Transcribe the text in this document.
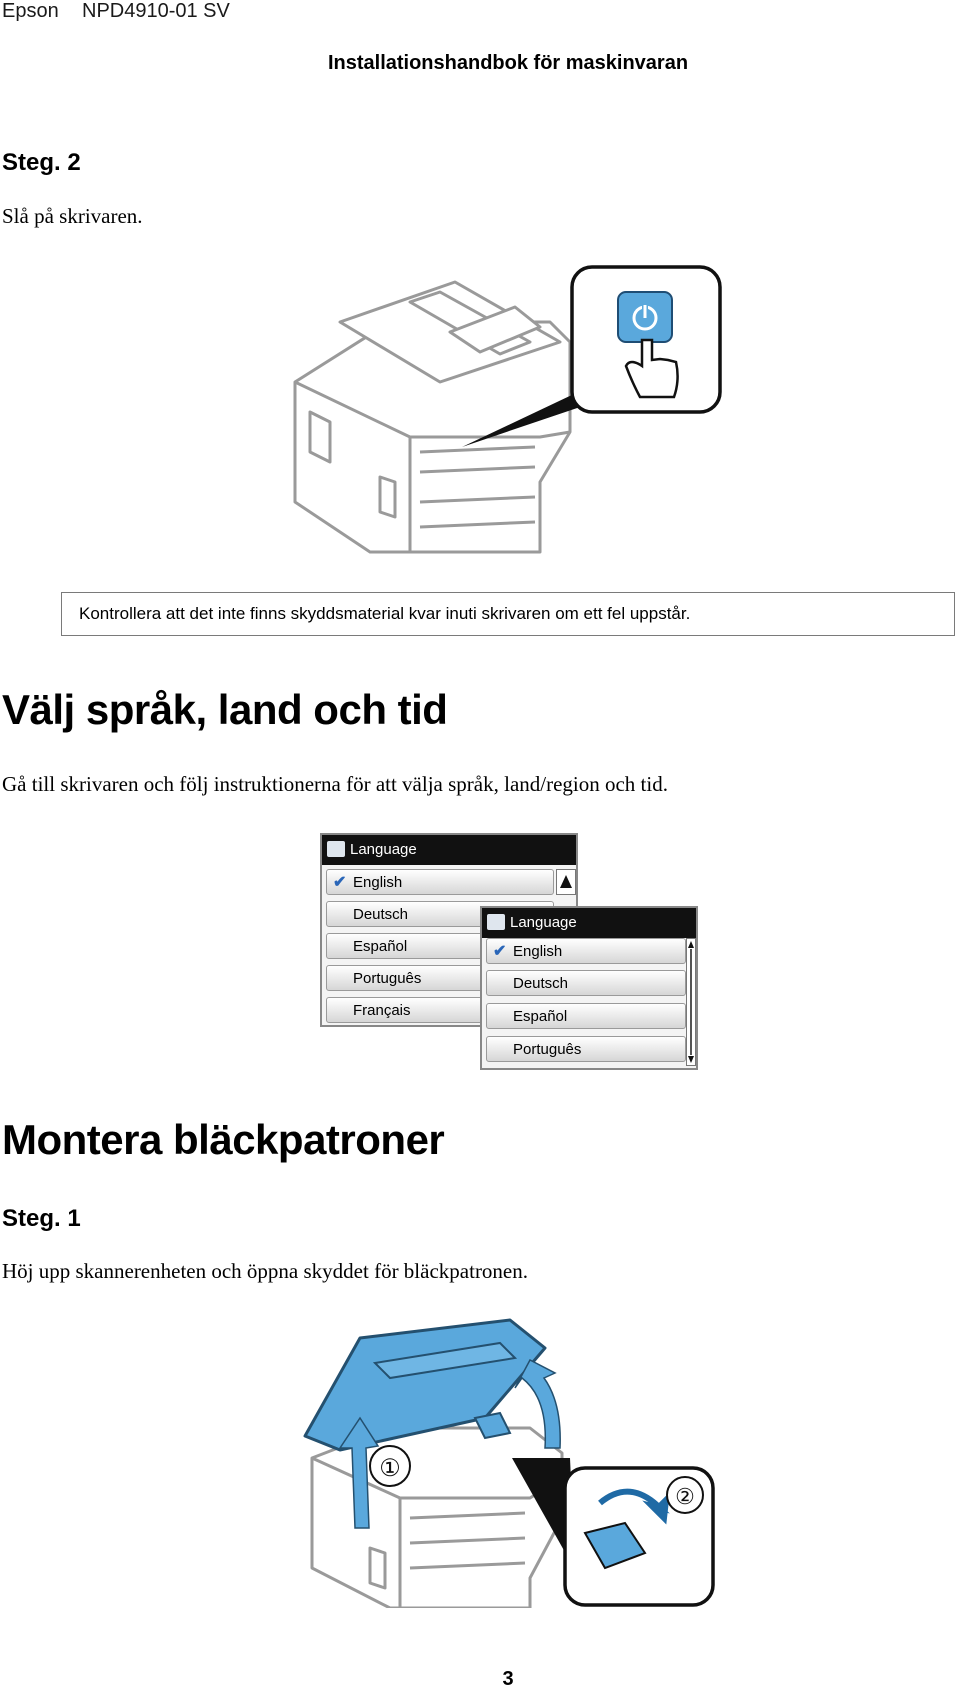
Epson NPD4910-01 SV
Installationshandbok för maskinvaran
Steg. 2
Slå på skrivaren.
Kontrollera att det inte finns skyddsmaterial kvar inuti skrivaren om ett fel uppstår.
Välj språk, land och tid
Gå till skrivaren och följ instruktionerna för att välja språk, land/region och tid.
Language
✔ English
Deutsch
Español
Português
Français
Language
✔ English
Deutsch
Español
Português
Montera bläckpatroner
Steg. 1
Höj upp skannerenheten och öppna skyddet för bläckpatronen.
①
②
3
